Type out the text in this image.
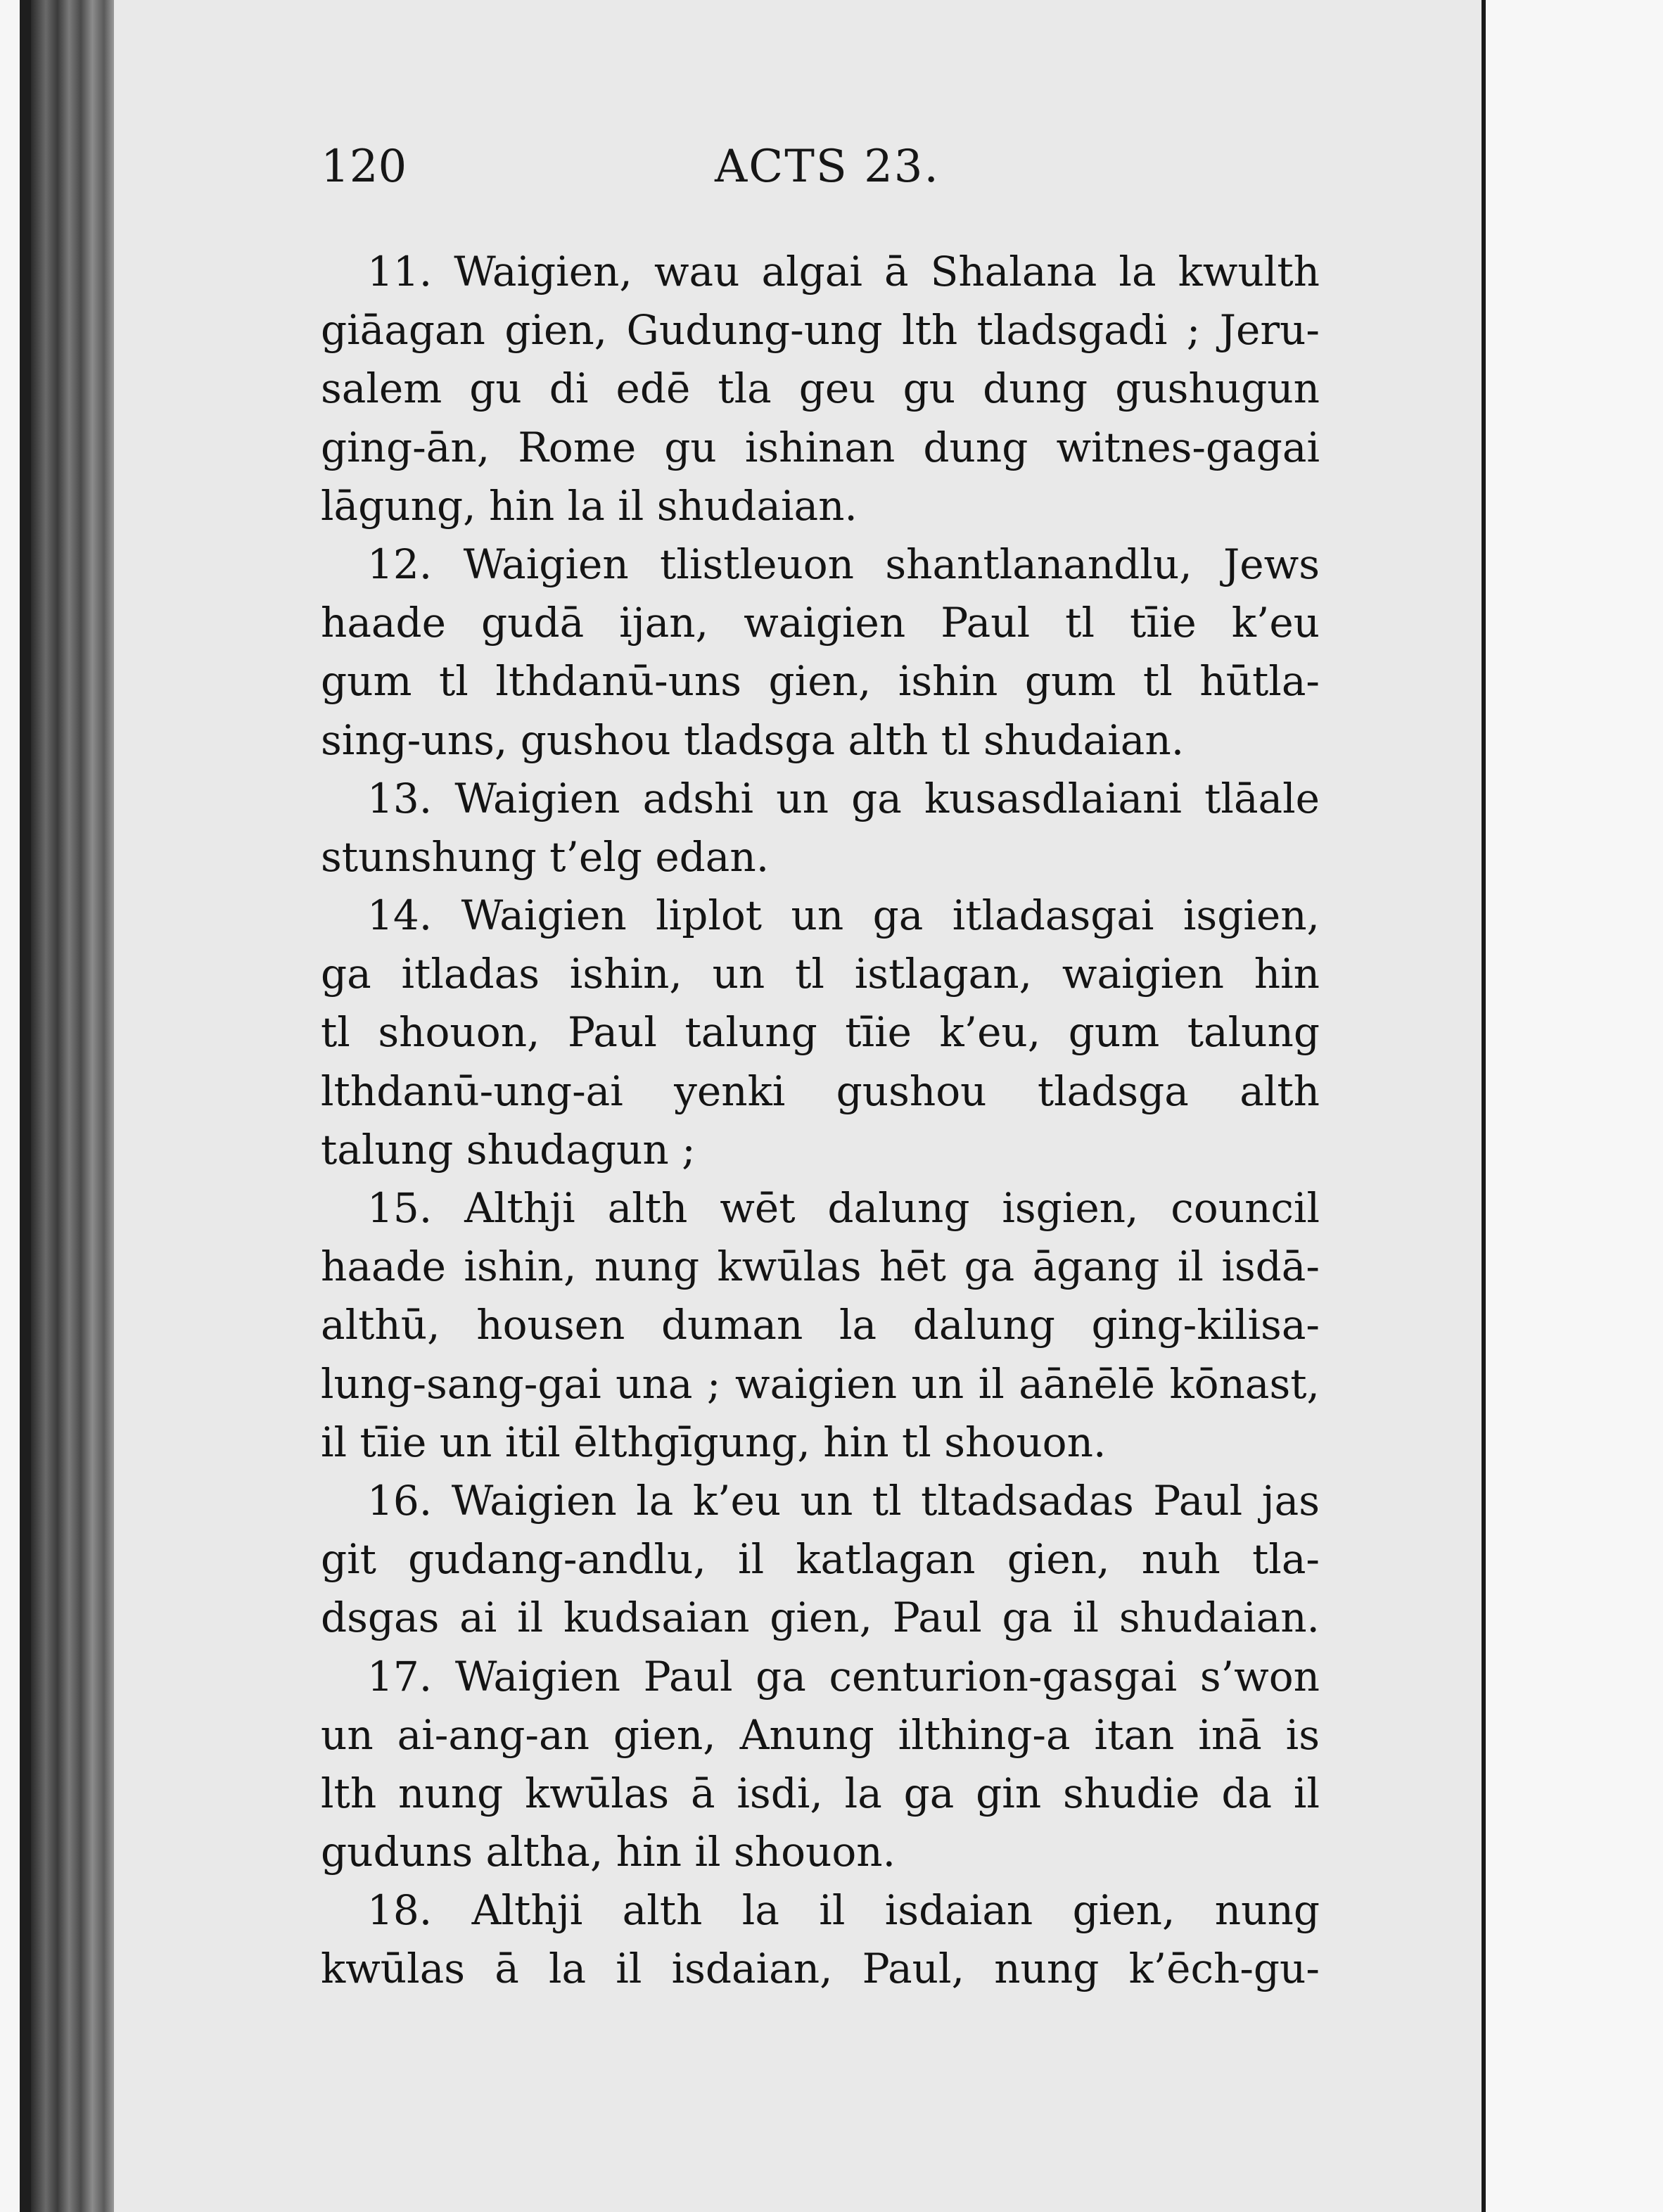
120	ACTS 23.
11. Waigien, wau algai ā Shalana la kwulth
giāagan gien, Gudung-ung lth tladsgadi ; Jeru-
salem gu di edē tla geu gu dung gushugun
ging-ān, Rome gu ishinan dung witnes-gagai
lāgung, hin la il shudaian.
12. Waigien tlistleuon shantlanandlu, Jews
haade gudā ijan, waigien Paul tl tīie k’eu
gum tl lthdanū-uns gien, ishin gum tl hūtla-
sing-uns, gushou tladsga alth tl shudaian.
13. Waigien adshi un ga kusasdlaiani tlāale
stunshung t’elg edan.
14. Waigien liplot un ga itladasgai isgien,
ga itladas ishin, un tl istlagan, waigien hin
tl shouon, Paul talung tīie k’eu, gum talung
lthdanū-ung-ai yenki gushou tladsga alth
talung shudagun ;
15. Althji alth wēt dalung isgien, council
haade ishin, nung kwūlas hēt ga āgang il isdā-
althū, housen duman la dalung ging-kilisa-
lung-sang-gai una ; waigien un il aānēlē kōnast,
il tīie un itil ēlthgīgung, hin tl shouon.
16. Waigien la k’eu un tl tltadsadas Paul jas
git gudang-andlu, il katlagan gien, nuh tla-
dsgas ai il kudsaian gien, Paul ga il shudaian.
17. Waigien Paul ga centurion-gasgai s’won
un ai-ang-an gien, Anung ilthing-a itan inā is
lth nung kwūlas ā isdi, la ga gin shudie da il
guduns altha, hin il shouon.
18. Althji alth la il isdaian gien, nung
kwūlas ā la il isdaian, Paul, nung k’ēch-gu-
